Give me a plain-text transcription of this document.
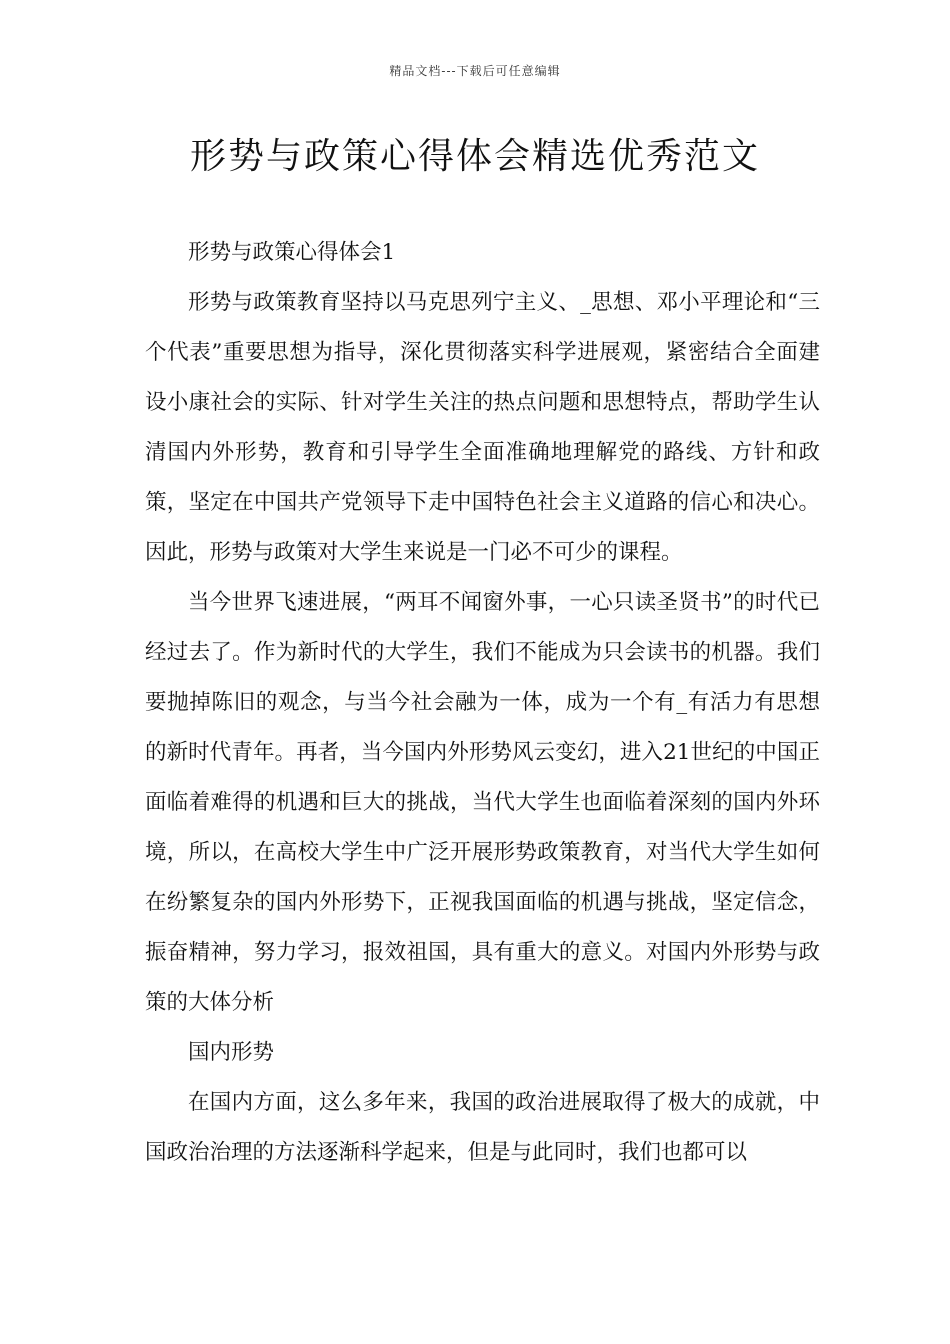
精品文档---下载后可任意编辑
形势与政策心得体会精选优秀范文

形势与政策心得体会1

形势与政策教育坚持以马克思列宁主义、_思想、邓小平理论和“三个代表”重要思想为指导，深化贯彻落实科学进展观，紧密结合全面建设小康社会的实际、针对学生关注的热点问题和思想特点，帮助学生认清国内外形势，教育和引导学生全面准确地理解党的路线、方针和政策，坚定在中国共产党领导下走中国特色社会主义道路的信心和决心。因此，形势与政策对大学生来说是一门必不可少的课程。

当今世界飞速进展，“两耳不闻窗外事，一心只读圣贤书”的时代已经过去了。作为新时代的大学生，我们不能成为只会读书的机器。我们要抛掉陈旧的观念，与当今社会融为一体，成为一个有_有活力有思想的新时代青年。再者，当今国内外形势风云变幻，进入21世纪的中国正面临着难得的机遇和巨大的挑战，当代大学生也面临着深刻的国内外环境，所以，在高校大学生中广泛开展形势政策教育，对当代大学生如何在纷繁复杂的国内外形势下，正视我国面临的机遇与挑战，坚定信念，振奋精神，努力学习，报效祖国，具有重大的意义。对国内外形势与政策的大体分析

国内形势

在国内方面，这么多年来，我国的政治进展取得了极大的成就，中国政治治理的方法逐渐科学起来，但是与此同时，我们也都可以
